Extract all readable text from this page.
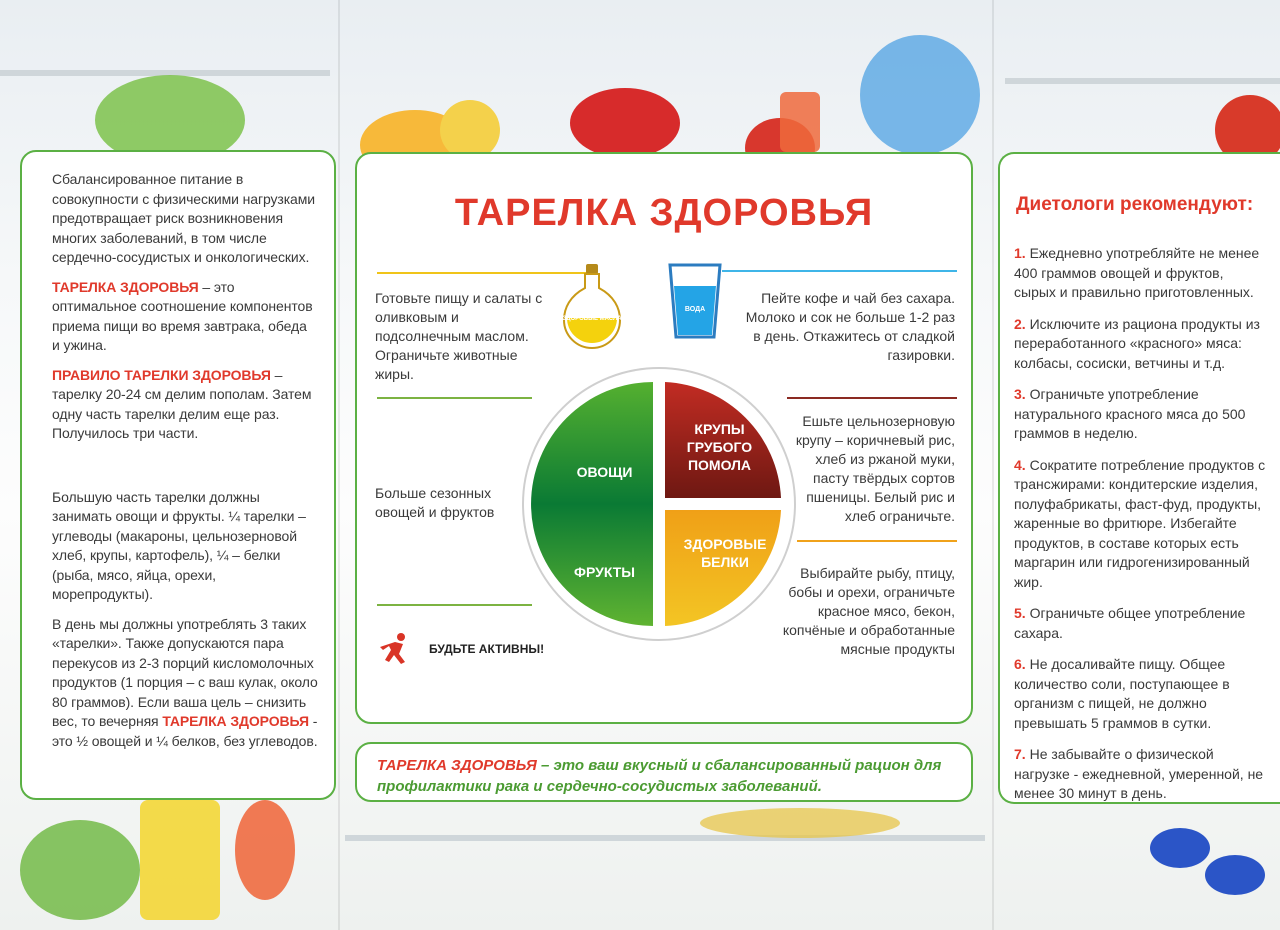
Сбалансированное питание в совокупности с физическими нагрузками предотвращает риск возникновения многих заболеваний, в том числе сердечно-сосудистых и онкологических.

ТАРЕЛКА ЗДОРОВЬЯ – это оптимальное соотношение компонентов приема пищи во время завтрака, обеда и ужина.

ПРАВИЛО ТАРЕЛКИ ЗДОРОВЬЯ – тарелку 20-24 см делим пополам. Затем одну часть тарелки делим еще раз. Получилось три части.

Большую часть тарелки должны занимать овощи и фрукты. ¼ тарелки – углеводы (макароны, цельнозерновой хлеб, крупы, картофель), ¼ – белки (рыба, мясо, яйца, орехи, морепродукты).

В день мы должны употреблять 3 таких «тарелки». Также допускаются пара перекусов из 2-3 порций кисломолочных продуктов (1 порция – с ваш кулак, около 80 граммов). Если ваша цель – снизить вес, то вечерняя ТАРЕЛКА ЗДОРОВЬЯ - это ½ овощей и ¼ белков, без углеводов.

ТАРЕЛКА ЗДОРОВЬЯ
ЗДОРОВЫЕ МАСЛА
ВОДА
Готовьте пищу и салаты с оливковым и подсолнечным маслом. Ограничьте животные жиры.
Пейте кофе и чай без сахара. Молоко и сок не больше 1-2 раз в день. Откажитесь от сладкой газировки.
Больше сезонных овощей и фруктов
Ешьте цельнозерновую крупу – коричневый рис, хлеб из ржаной муки, пасту твёрдых сортов пшеницы. Белый рис и хлеб ограничьте.
Выбирайте рыбу, птицу, бобы и орехи, ограничьте красное мясо, бекон, копчёные и обработанные мясные продукты
ОВОЩИ
ФРУКТЫ
КРУПЫ
ГРУБОГО
ПОМОЛА
ЗДОРОВЫЕ
БЕЛКИ
БУДЬТЕ АКТИВНЫ!
ТАРЕЛКА ЗДОРОВЬЯ – это ваш вкусный и сбалансированный рацион для профилактики рака и сердечно-сосудистых заболеваний.
Диетологи рекомендуют:
1. Ежедневно употребляйте не менее 400 граммов овощей и фруктов, сырых и правильно приготовленных.
2. Исключите из рациона продукты из переработанного «красного» мяса: колбасы, сосиски, ветчины и т.д.
3. Ограничьте употребление натурального красного мяса до 500 граммов в неделю.
4. Сократите потребление продуктов с трансжирами: кондитерские изделия, полуфабрикаты, фаст-фуд, продукты, жаренные во фритюре. Избегайте продуктов, в составе которых есть маргарин или гидрогенизированный жир.
5. Ограничьте общее употребление сахара.
6. Не досаливайте пищу. Общее количество соли, поступающее в организм с пищей, не должно превышать 5 граммов в сутки.
7. Не забывайте о физической нагрузке - ежедневной, умеренной, не менее 30 минут в день.
